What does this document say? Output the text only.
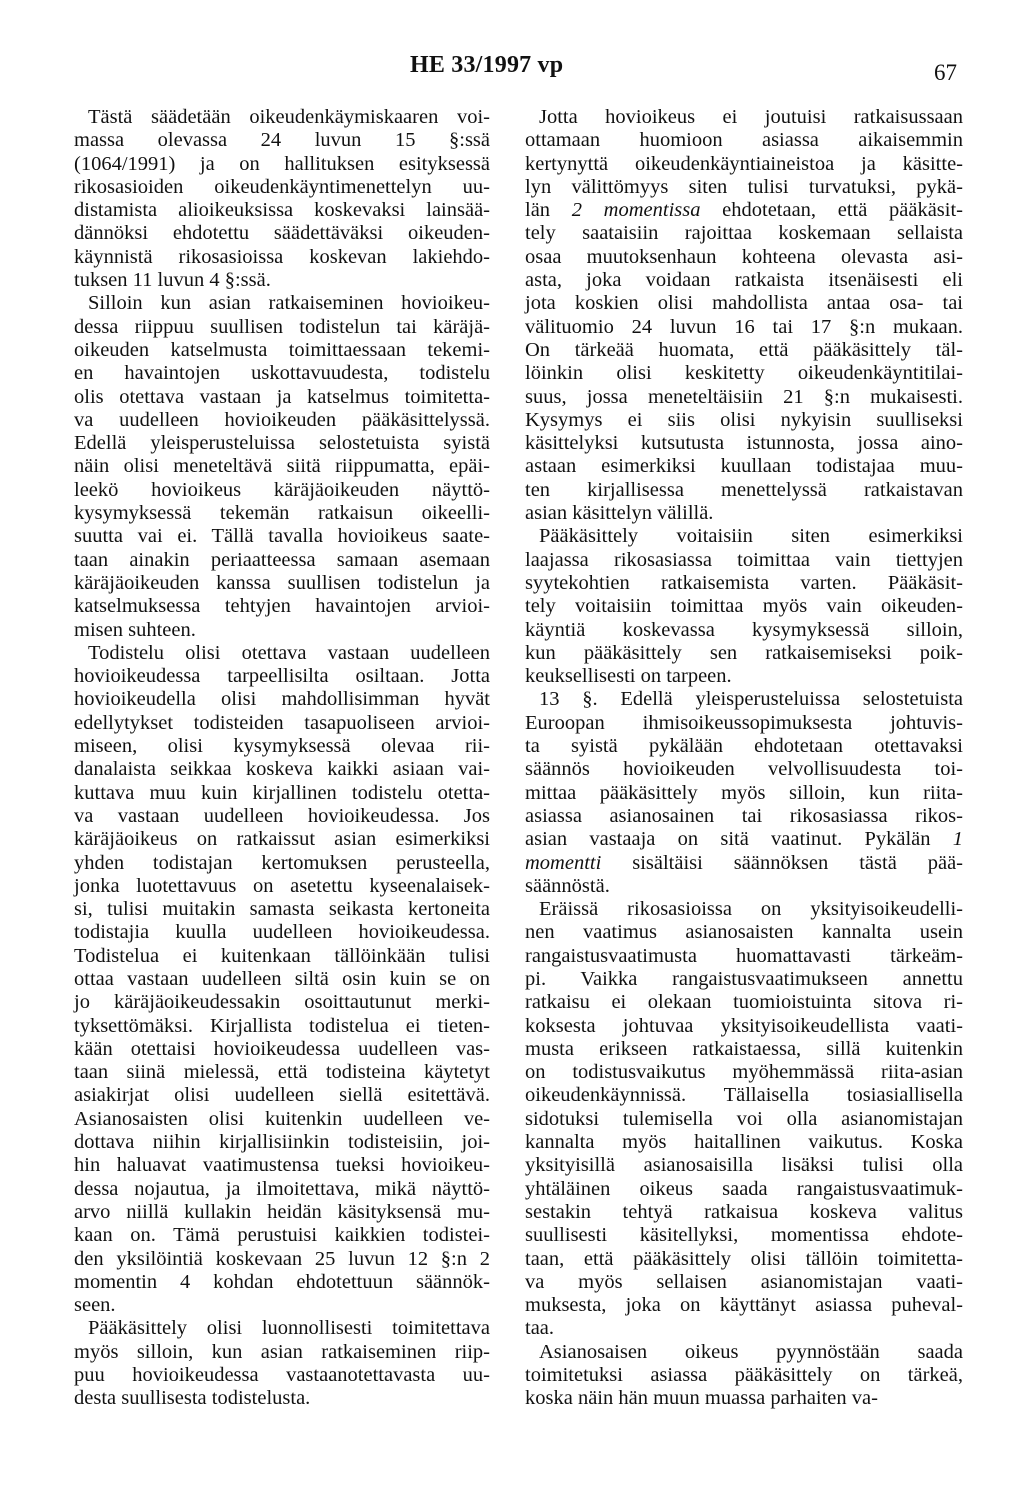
HE 33/1997 vp	67

Tästä säädetään oikeudenkäymiskaaren voi-
massa olevassa 24 luvun 15 §:ssä
(1064/1991) ja on hallituksen esityksessä
rikosasioiden oikeudenkäyntimenettelyn uu-
distamista alioikeuksissa koskevaksi lainsää-
dännöksi ehdotettu säädettäväksi oikeuden-
käynnistä rikosasioissa koskevan lakiehdo-
tuksen 11 luvun 4 §:ssä.

Silloin kun asian ratkaiseminen hovioikeu-
dessa riippuu suullisen todistelun tai käräjä-
oikeuden katselmusta toimittaessaan tekemi-
en havaintojen uskottavuudesta, todistelu
olis otettava vastaan ja katselmus toimitetta-
va uudelleen hovioikeuden pääkäsittelyssä.
Edellä yleisperusteluissa selostetuista syistä
näin olisi meneteltävä siitä riippumatta, epäi-
leekö hovioikeus käräjäoikeuden näyttö-
kysymyksessä tekemän ratkaisun oikeelli-
suutta vai ei. Tällä tavalla hovioikeus saate-
taan ainakin periaatteessa samaan asemaan
käräjäoikeuden kanssa suullisen todistelun ja
katselmuksessa tehtyjen havaintojen arvioi-
misen suhteen.

Todistelu olisi otettava vastaan uudelleen
hovioikeudessa tarpeellisilta osiltaan. Jotta
hovioikeudella olisi mahdollisimman hyvät
edellytykset todisteiden tasapuoliseen arvioi-
miseen, olisi kysymyksessä olevaa rii-
danalaista seikkaa koskeva kaikki asiaan vai-
kuttava muu kuin kirjallinen todistelu otetta-
va vastaan uudelleen hovioikeudessa. Jos
käräjäoikeus on ratkaissut asian esimerkiksi
yhden todistajan kertomuksen perusteella,
jonka luotettavuus on asetettu kyseenalaisek-
si, tulisi muitakin samasta seikasta kertoneita
todistajia kuulla uudelleen hovioikeudessa.
Todistelua ei kuitenkaan tällöinkään tulisi
ottaa vastaan uudelleen siltä osin kuin se on
jo käräjäoikeudessakin osoittautunut merki-
tyksettömäksi. Kirjallista todistelua ei tieten-
kään otettaisi hovioikeudessa uudelleen vas-
taan siinä mielessä, että todisteina käytetyt
asiakirjat olisi uudelleen siellä esitettävä.
Asianosaisten olisi kuitenkin uudelleen ve-
dottava niihin kirjallisiinkin todisteisiin, joi-
hin haluavat vaatimustensa tueksi hovioikeu-
dessa nojautua, ja ilmoitettava, mikä näyttö-
arvo niillä kullakin heidän käsityksensä mu-
kaan on. Tämä perustuisi kaikkien todistei-
den yksilöintiä koskevaan 25 luvun 12 §:n 2
momentin 4 kohdan ehdotettuun säännök-
seen.

Pääkäsittely olisi luonnollisesti toimitettava
myös silloin, kun asian ratkaiseminen riip-
puu hovioikeudessa vastaanotettavasta uu-
desta suullisesta todistelusta.

Jotta hovioikeus ei joutuisi ratkaisussaan
ottamaan huomioon asiassa aikaisemmin
kertynyttä oikeudenkäyntiaineistoa ja käsitte-
lyn välittömyys siten tulisi turvatuksi, pykä-
län 2 momentissa ehdotetaan, että pääkäsit-
tely saataisiin rajoittaa koskemaan sellaista
osaa muutoksenhaun kohteena olevasta asi-
asta, joka voidaan ratkaista itsenäisesti eli
jota koskien olisi mahdollista antaa osa- tai
välituomio 24 luvun 16 tai 17 §:n mukaan.
On tärkeää huomata, että pääkäsittely täl-
löinkin olisi keskitetty oikeudenkäyntitilai-
suus, jossa meneteltäisiin 21 §:n mukaisesti.
Kysymys ei siis olisi nykyisin suulliseksi
käsittelyksi kutsutusta istunnosta, jossa aino-
astaan esimerkiksi kuullaan todistajaa muu-
ten kirjallisessa menettelyssä ratkaistavan
asian käsittelyn välillä.

Pääkäsittely voitaisiin siten esimerkiksi
laajassa rikosasiassa toimittaa vain tiettyjen
syytekohtien ratkaisemista varten. Pääkäsit-
tely voitaisiin toimittaa myös vain oikeuden-
käyntiä koskevassa kysymyksessä silloin,
kun pääkäsittely sen ratkaisemiseksi poik-
keuksellisesti on tarpeen.

13 §. Edellä yleisperusteluissa selostetuista
Euroopan ihmisoikeussopimuksesta johtuvis-
ta syistä pykälään ehdotetaan otettavaksi
säännös hovioikeuden velvollisuudesta toi-
mittaa pääkäsittely myös silloin, kun riita-
asiassa asianosainen tai rikosasiassa rikos-
asian vastaaja on sitä vaatinut. Pykälän 1
momentti sisältäisi säännöksen tästä pää-
säännöstä.

Eräissä rikosasioissa on yksityisoikeudelli-
nen vaatimus asianosaisten kannalta usein
rangaistusvaatimusta huomattavasti tärkeäm-
pi. Vaikka rangaistusvaatimukseen annettu
ratkaisu ei olekaan tuomioistuinta sitova ri-
koksesta johtuvaa yksityisoikeudellista vaati-
musta erikseen ratkaistaessa, sillä kuitenkin
on todistusvaikutus myöhemmässä riita-asian
oikeudenkäynnissä. Tällaisella tosiasiallisella
sidotuksi tulemisella voi olla asianomistajan
kannalta myös haitallinen vaikutus. Koska
yksityisillä asianosaisilla lisäksi tulisi olla
yhtäläinen oikeus saada rangaistusvaatimuk-
sestakin tehtyä ratkaisua koskeva valitus
suullisesti käsitellyksi, momentissa ehdote-
taan, että pääkäsittely olisi tällöin toimitetta-
va myös sellaisen asianomistajan vaati-
muksesta, joka on käyttänyt asiassa puheval-
taa.

Asianosaisen oikeus pyynnöstään saada
toimitetuksi asiassa pääkäsittely on tärkeä,
koska näin hän muun muassa parhaiten va-
